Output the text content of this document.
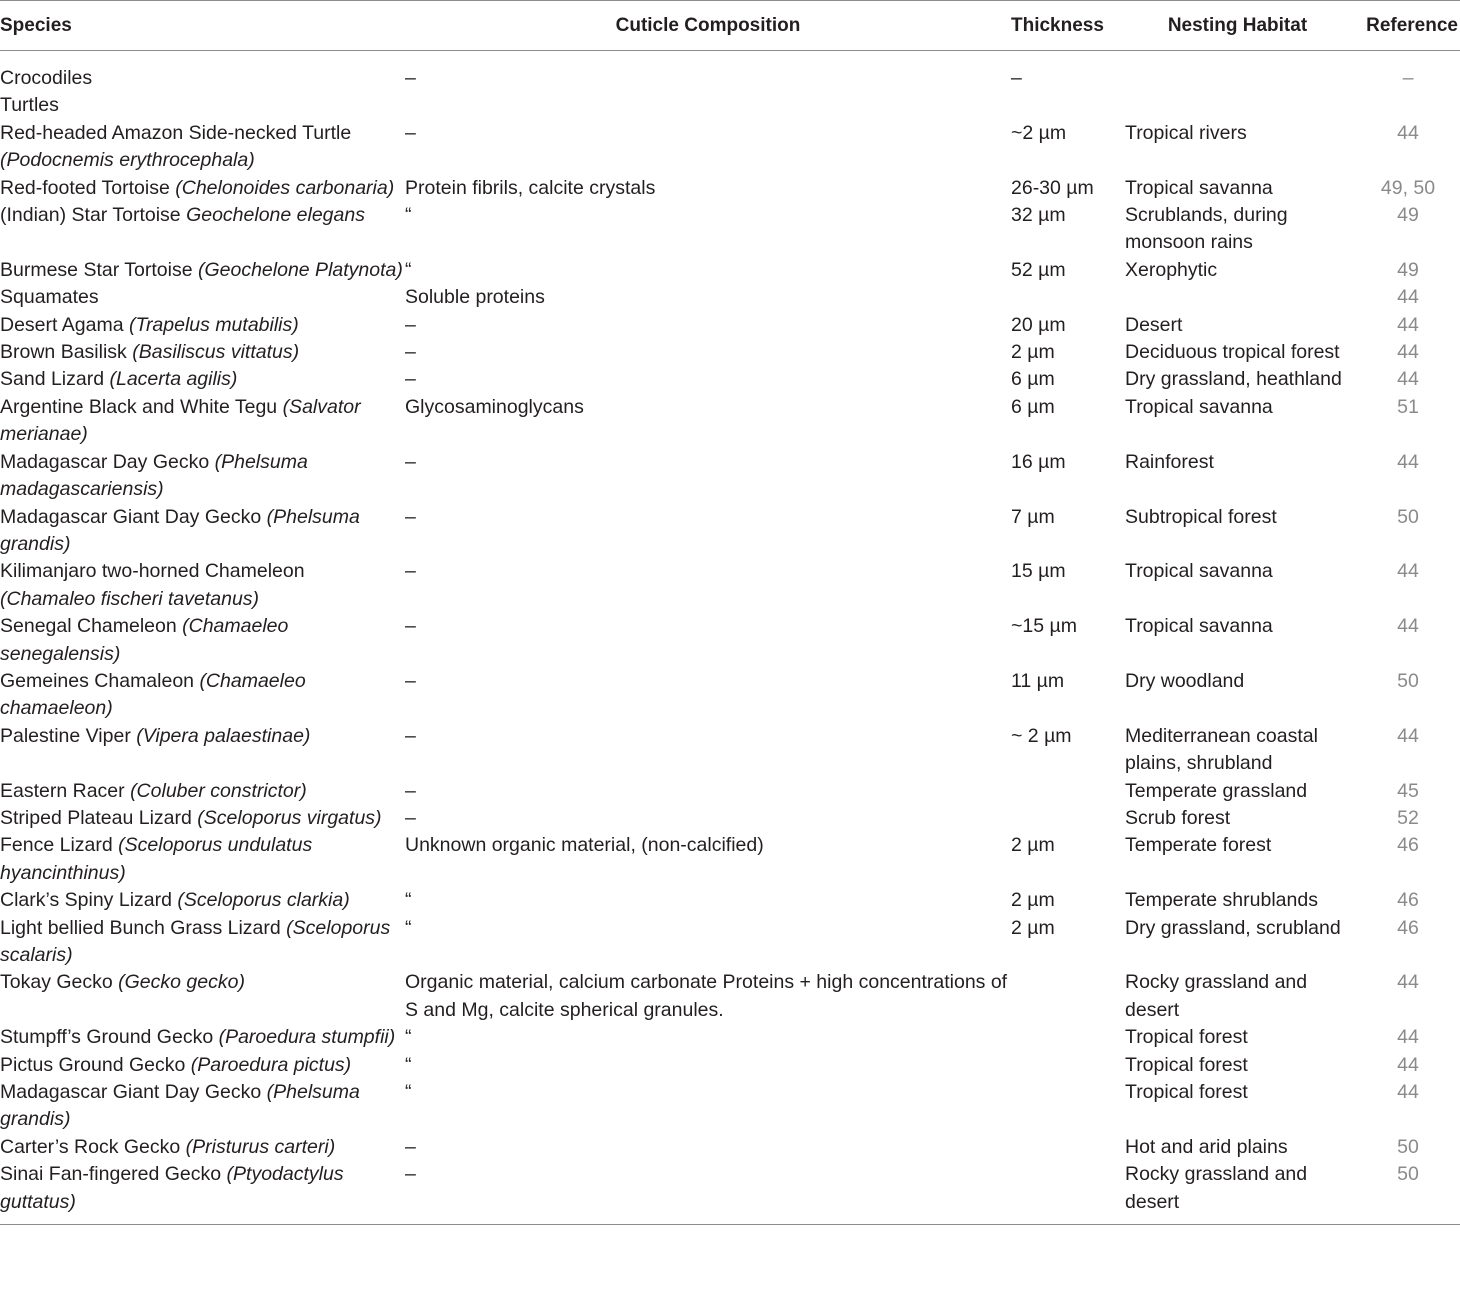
Species	Cuticle Composition	Thickness	Nesting Habitat	Reference
Crocodiles	–	–		–
Turtles				
Red-headed Amazon Side-necked Turtle (Podocnemis erythrocephala)	–	~2 µm	Tropical rivers	44
Red-footed Tortoise (Chelonoides carbonaria)	Protein fibrils, calcite crystals	26-30 µm	Tropical savanna	49, 50
(Indian) Star Tortoise Geochelone elegans	“	32 µm	Scrublands, during monsoon rains	49
Burmese Star Tortoise (Geochelone Platynota)	“	52 µm	Xerophytic	49
Squamates	Soluble proteins			44
Desert Agama (Trapelus mutabilis)	–	20 µm	Desert	44
Brown Basilisk (Basiliscus vittatus)	–	2 µm	Deciduous tropical forest	44
Sand Lizard (Lacerta agilis)	–	6 µm	Dry grassland, heathland	44
Argentine Black and White Tegu (Salvator merianae)	Glycosaminoglycans	6 µm	Tropical savanna	51
Madagascar Day Gecko (Phelsuma madagascariensis)	–	16 µm	Rainforest	44
Madagascar Giant Day Gecko (Phelsuma grandis)	–	7 µm	Subtropical forest	50
Kilimanjaro two-horned Chameleon (Chamaleo fischeri tavetanus)	–	15 µm	Tropical savanna	44
Senegal Chameleon (Chamaeleo senegalensis)	–	~15 µm	Tropical savanna	44
Gemeines Chamaleon (Chamaeleo chamaeleon)	–	11 µm	Dry woodland	50
Palestine Viper (Vipera palaestinae)	–	~ 2 µm	Mediterranean coastal plains, shrubland	44
Eastern Racer (Coluber constrictor)	–		Temperate grassland	45
Striped Plateau Lizard (Sceloporus virgatus)	–		Scrub forest	52
Fence Lizard (Sceloporus undulatus hyancinthinus)	Unknown organic material, (non-calcified)	2 µm	Temperate forest	46
Clark’s Spiny Lizard (Sceloporus clarkia)	“	2 µm	Temperate shrublands	46
Light bellied Bunch Grass Lizard (Sceloporus scalaris)	“	2 µm	Dry grassland, scrubland	46
Tokay Gecko (Gecko gecko)	Organic material, calcium carbonate Proteins + high concentrations of S and Mg, calcite spherical granules.		Rocky grassland and desert	44
Stumpff’s Ground Gecko (Paroedura stumpfii)	“		Tropical forest	44
Pictus Ground Gecko (Paroedura pictus)	“		Tropical forest	44
Madagascar Giant Day Gecko (Phelsuma grandis)	“		Tropical forest	44
Carter’s Rock Gecko (Pristurus carteri)	–		Hot and arid plains	50
Sinai Fan-fingered Gecko (Ptyodactylus guttatus)	–		Rocky grassland and desert	50
